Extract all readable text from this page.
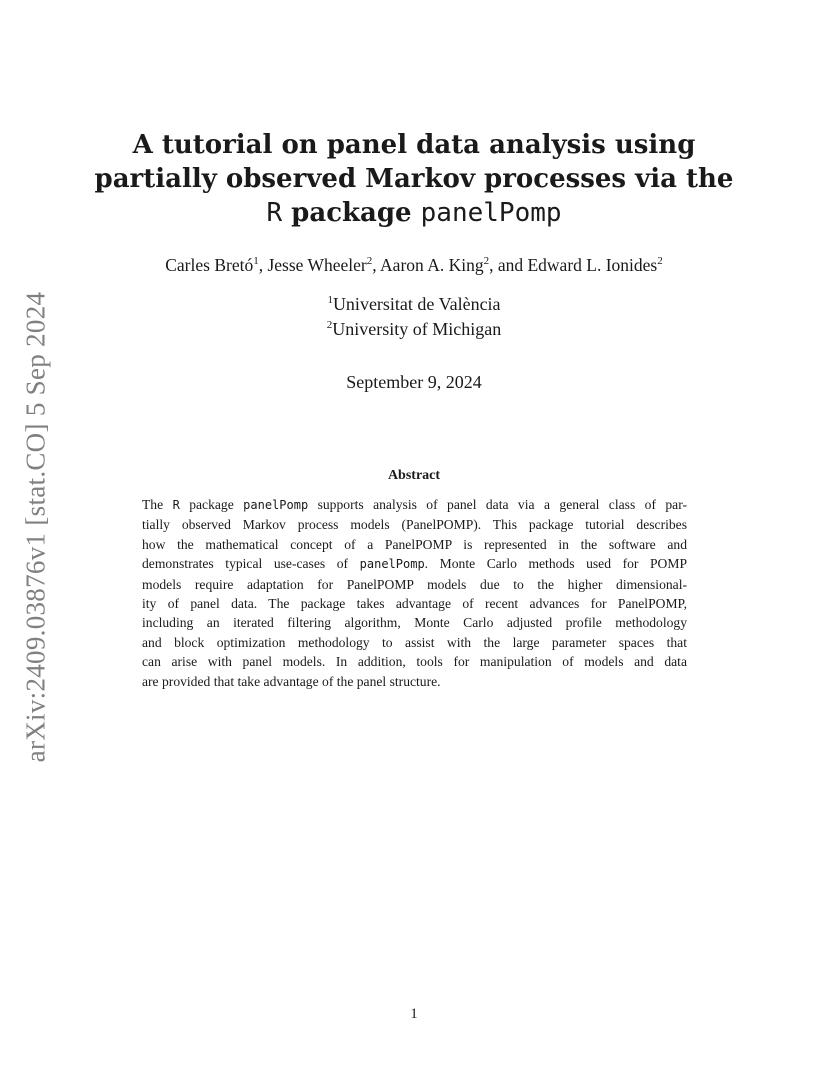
arXiv:2409.03876v1 [stat.CO] 5 Sep 2024
A tutorial on panel data analysis using
partially observed Markov processes via the
R package panelPomp
Carles Bretó$^1$, Jesse Wheeler$^2$, Aaron A. King$^2$, and Edward L. Ionides$^2$
$^1$Universitat de València
$^2$University of Michigan
September 9, 2024
Abstract
The R package panelPomp supports analysis of panel data via a general class of par-
tially observed Markov process models (PanelPOMP). This package tutorial describes
how the mathematical concept of a PanelPOMP is represented in the software and
demonstrates typical use-cases of panelPomp. Monte Carlo methods used for POMP
models require adaptation for PanelPOMP models due to the higher dimensional-
ity of panel data. The package takes advantage of recent advances for PanelPOMP,
including an iterated filtering algorithm, Monte Carlo adjusted profile methodology
and block optimization methodology to assist with the large parameter spaces that
can arise with panel models. In addition, tools for manipulation of models and data
are provided that take advantage of the panel structure.
1
